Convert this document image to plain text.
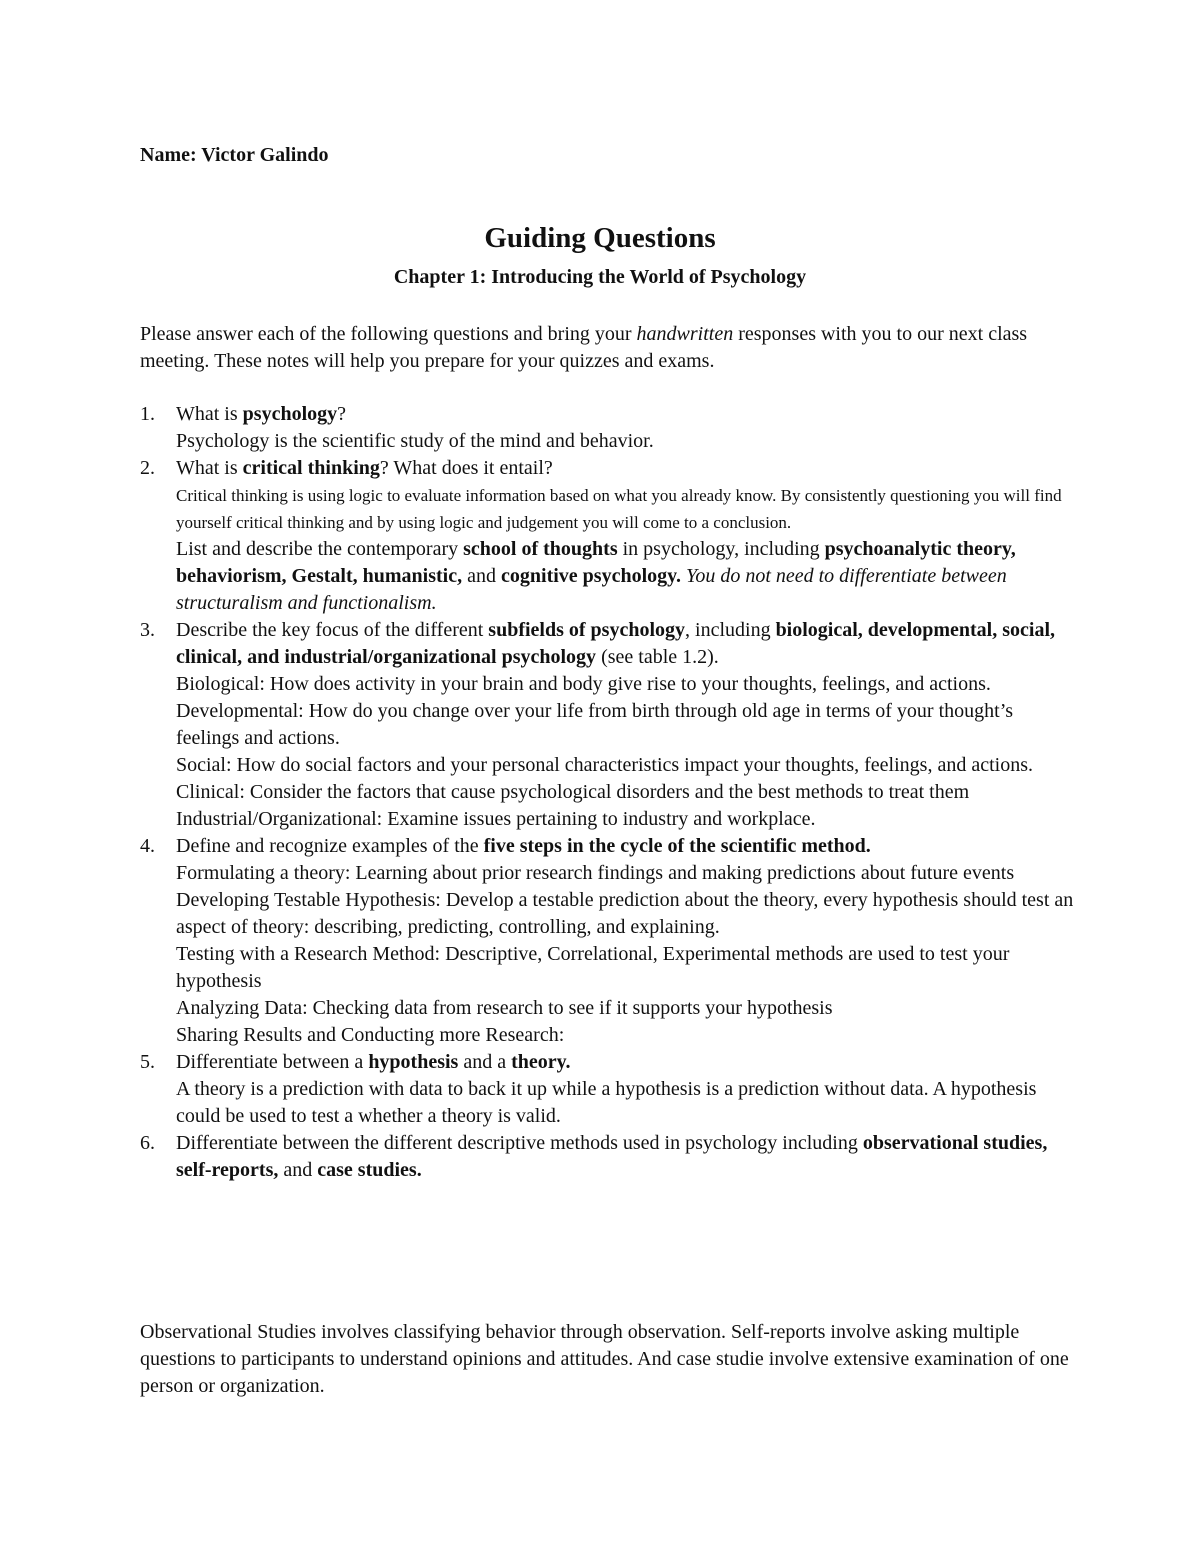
Name: Victor Galindo
Guiding Questions
Chapter 1: Introducing the World of Psychology
Please answer each of the following questions and bring your handwritten responses with you to our next class meeting. These notes will help you prepare for your quizzes and exams.
1. What is psychology?
Psychology is the scientific study of the mind and behavior.
2. What is critical thinking? What does it entail?
Critical thinking is using logic to evaluate information based on what you already know. By consistently questioning you will find yourself critical thinking and by using logic and judgement you will come to a conclusion.
List and describe the contemporary school of thoughts in psychology, including psychoanalytic theory, behaviorism, Gestalt, humanistic, and cognitive psychology. You do not need to differentiate between structuralism and functionalism.
3. Describe the key focus of the different subfields of psychology, including biological, developmental, social, clinical, and industrial/organizational psychology (see table 1.2).
Biological: How does activity in your brain and body give rise to your thoughts, feelings, and actions.
Developmental: How do you change over your life from birth through old age in terms of your thought’s feelings and actions.
Social: How do social factors and your personal characteristics impact your thoughts, feelings, and actions.
Clinical: Consider the factors that cause psychological disorders and the best methods to treat them
Industrial/Organizational: Examine issues pertaining to industry and workplace.
4. Define and recognize examples of the five steps in the cycle of the scientific method.
Formulating a theory: Learning about prior research findings and making predictions about future events
Developing Testable Hypothesis: Develop a testable prediction about the theory, every hypothesis should test an aspect of theory: describing, predicting, controlling, and explaining.
Testing with a Research Method: Descriptive, Correlational, Experimental methods are used to test your hypothesis
Analyzing Data: Checking data from research to see if it supports your hypothesis
Sharing Results and Conducting more Research:
5. Differentiate between a hypothesis and a theory.
A theory is a prediction with data to back it up while a hypothesis is a prediction without data. A hypothesis could be used to test a whether a theory is valid.
6. Differentiate between the different descriptive methods used in psychology including observational studies, self-reports, and case studies.
Observational Studies involves classifying behavior through observation. Self-reports involve asking multiple questions to participants to understand opinions and attitudes. And case studie involve extensive examination of one person or organization.
